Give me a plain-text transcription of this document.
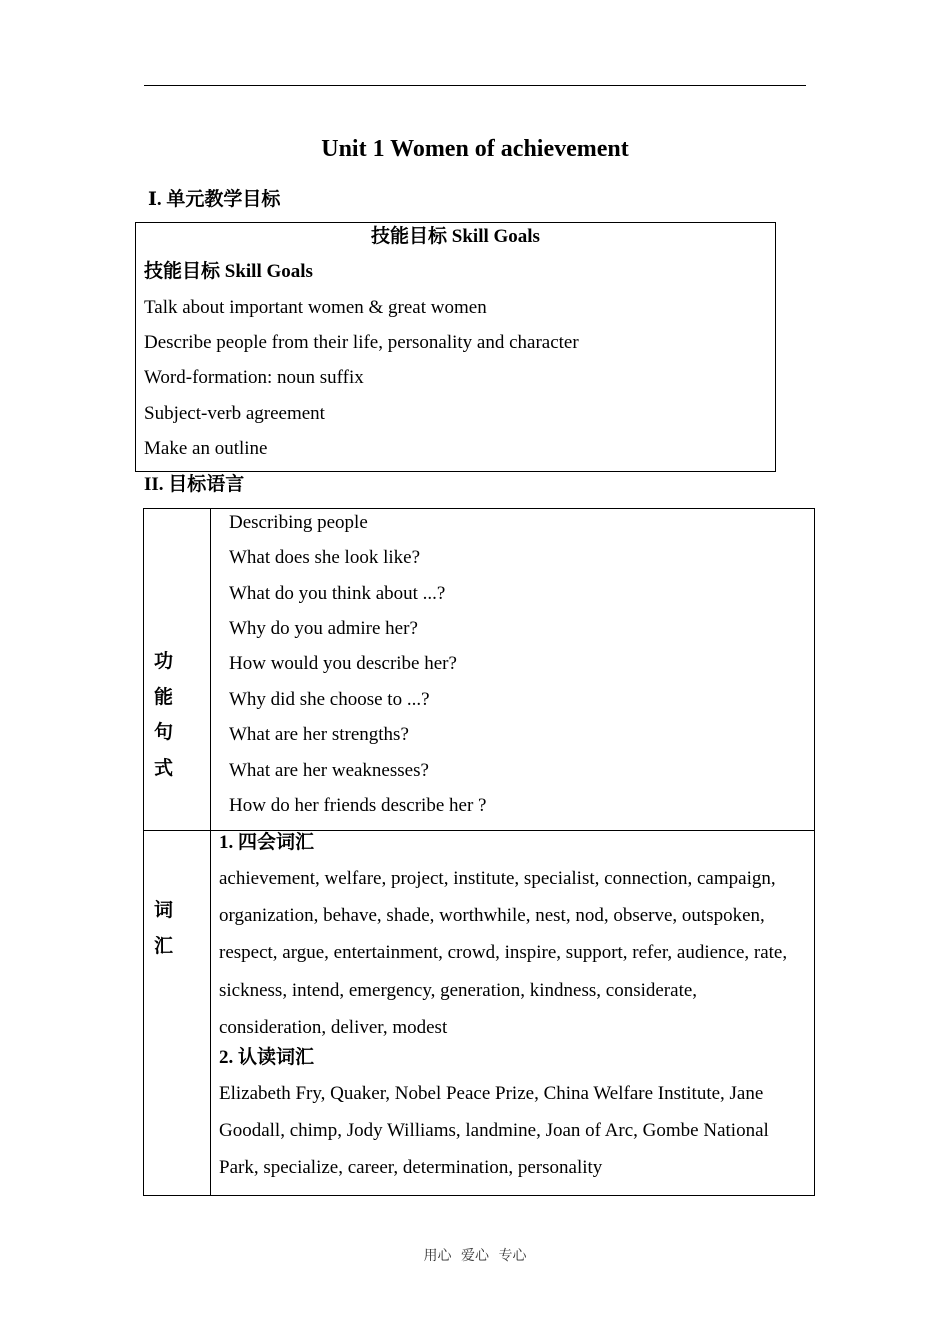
Unit 1 Women of achievement
Ⅰ. 单元教学目标
技能目标 Skill Goals
技能目标 Skill Goals
Talk about important women & great women
Describe people from their life, personality and character
Word-formation: noun suffix
Subject-verb agreement
Make an outline
II. 目标语言
功
能
句
式
Describing people
What does she look like?
What do you think about ...?
Why do you admire her?
How would you describe her?
Why did she choose to ...?
What are her strengths?
What are her weaknesses?
How do her friends describe her ?
词
汇
1. 四会词汇
achievement, welfare, project, institute, specialist, connection, campaign, organization, behave, shade, worthwhile, nest, nod, observe, outspoken, respect, argue, entertainment, crowd, inspire, support, refer, audience, rate, sickness, intend, emergency, generation, kindness, considerate, consideration, deliver, modest
2. 认读词汇
Elizabeth Fry, Quaker, Nobel Peace Prize, China Welfare Institute, Jane Goodall, chimp, Jody Williams, landmine, Joan of Arc, Gombe National Park, specialize, career, determination, personality
用心 爱心 专心
